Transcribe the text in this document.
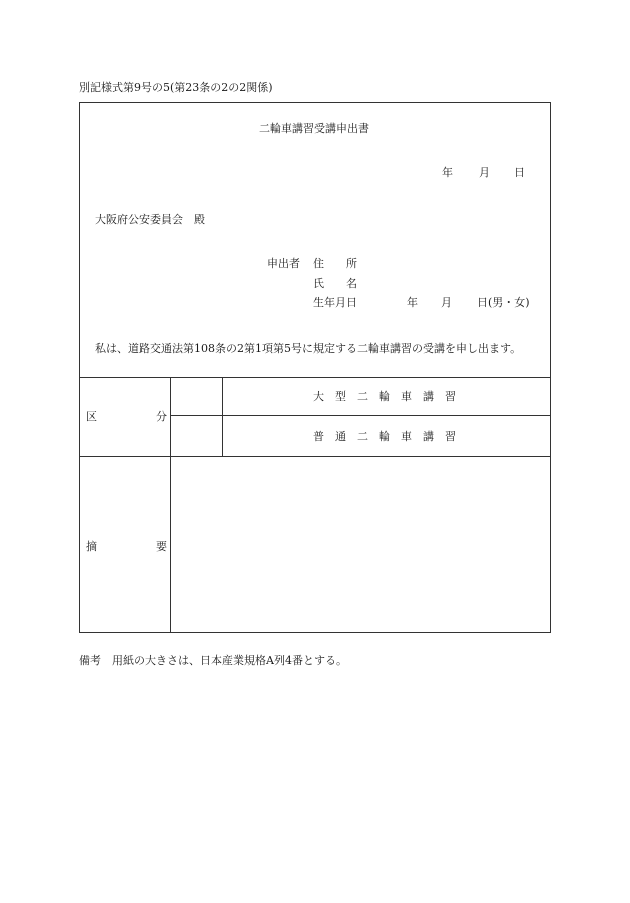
別記様式第9号の5(第23条の2の2関係)
二輪車講習受講申出書
年 月 日
大阪府公安委員会　殿
申出者 住　　所
氏　　名
生年月日	年 月 日(男・女)
私は、道路交通法第108条の2第1項第5号に規定する二輪車講習の受講を申し出ます。
区	分
大　型　二　輪　車　講　習
普　通　二　輪　車　講　習
摘	要
備考　用紙の大きさは、日本産業規格A列4番とする。
